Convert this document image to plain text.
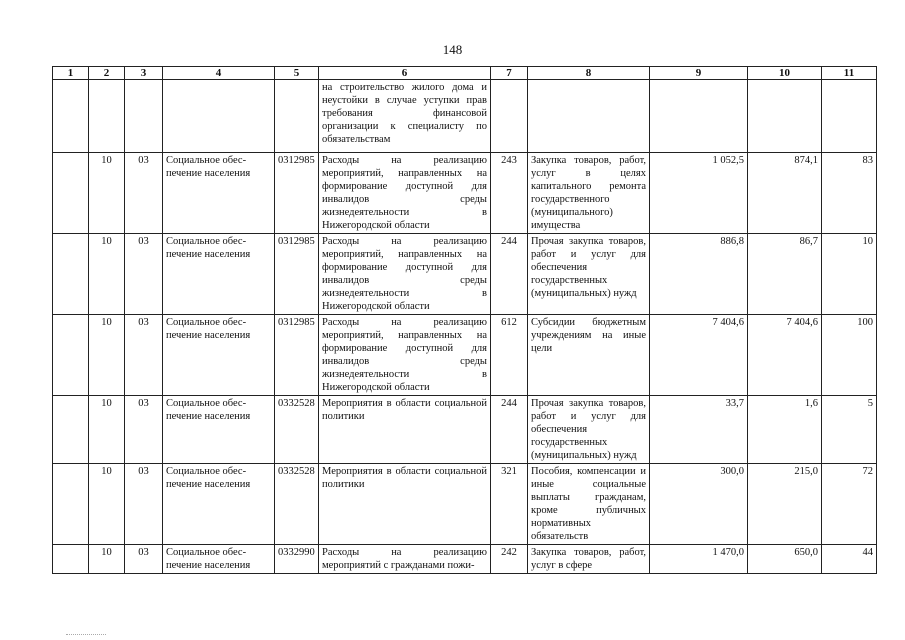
148
1	2	3	4	5	6	7	8	9	10	11
					на строительство жилого дома и неустойки в случае уступки прав требования финансовой организации к специалисту по обязательствам					
	10	03	Социальное обес-печение населения	0312985	Расходы на реализацию мероприятий, направленных на формирование доступной для инвалидов среды жизнедеятельности в Нижегородской области	243	Закупка товаров, работ, услуг в целях капитального ремонта государственного (муниципального) имущества	1 052,5	874,1	83
	10	03	Социальное обес-печение населения	0312985	Расходы на реализацию мероприятий, направленных на формирование доступной для инвалидов среды жизнедеятельности в Нижегородской области	244	Прочая закупка товаров, работ и услуг для обеспечения государственных (муниципальных) нужд	886,8	86,7	10
	10	03	Социальное обес-печение населения	0312985	Расходы на реализацию мероприятий, направленных на формирование доступной для инвалидов среды жизнедеятельности в Нижегородской области	612	Субсидии бюджетным учреждениям на иные цели	7 404,6	7 404,6	100
	10	03	Социальное обес-печение населения	0332528	Мероприятия в области социальной политики	244	Прочая закупка товаров, работ и услуг для обеспечения государственных (муниципальных) нужд	33,7	1,6	5
	10	03	Социальное обес-печение населения	0332528	Мероприятия в области социальной политики	321	Пособия, компенсации и иные социальные выплаты гражданам, кроме публичных нормативных обязательств	300,0	215,0	72
	10	03	Социальное обес-печение населения	0332990	Расходы на реализацию мероприятий с гражданами пожи-	242	Закупка товаров, работ, услуг в сфере	1 470,0	650,0	44
